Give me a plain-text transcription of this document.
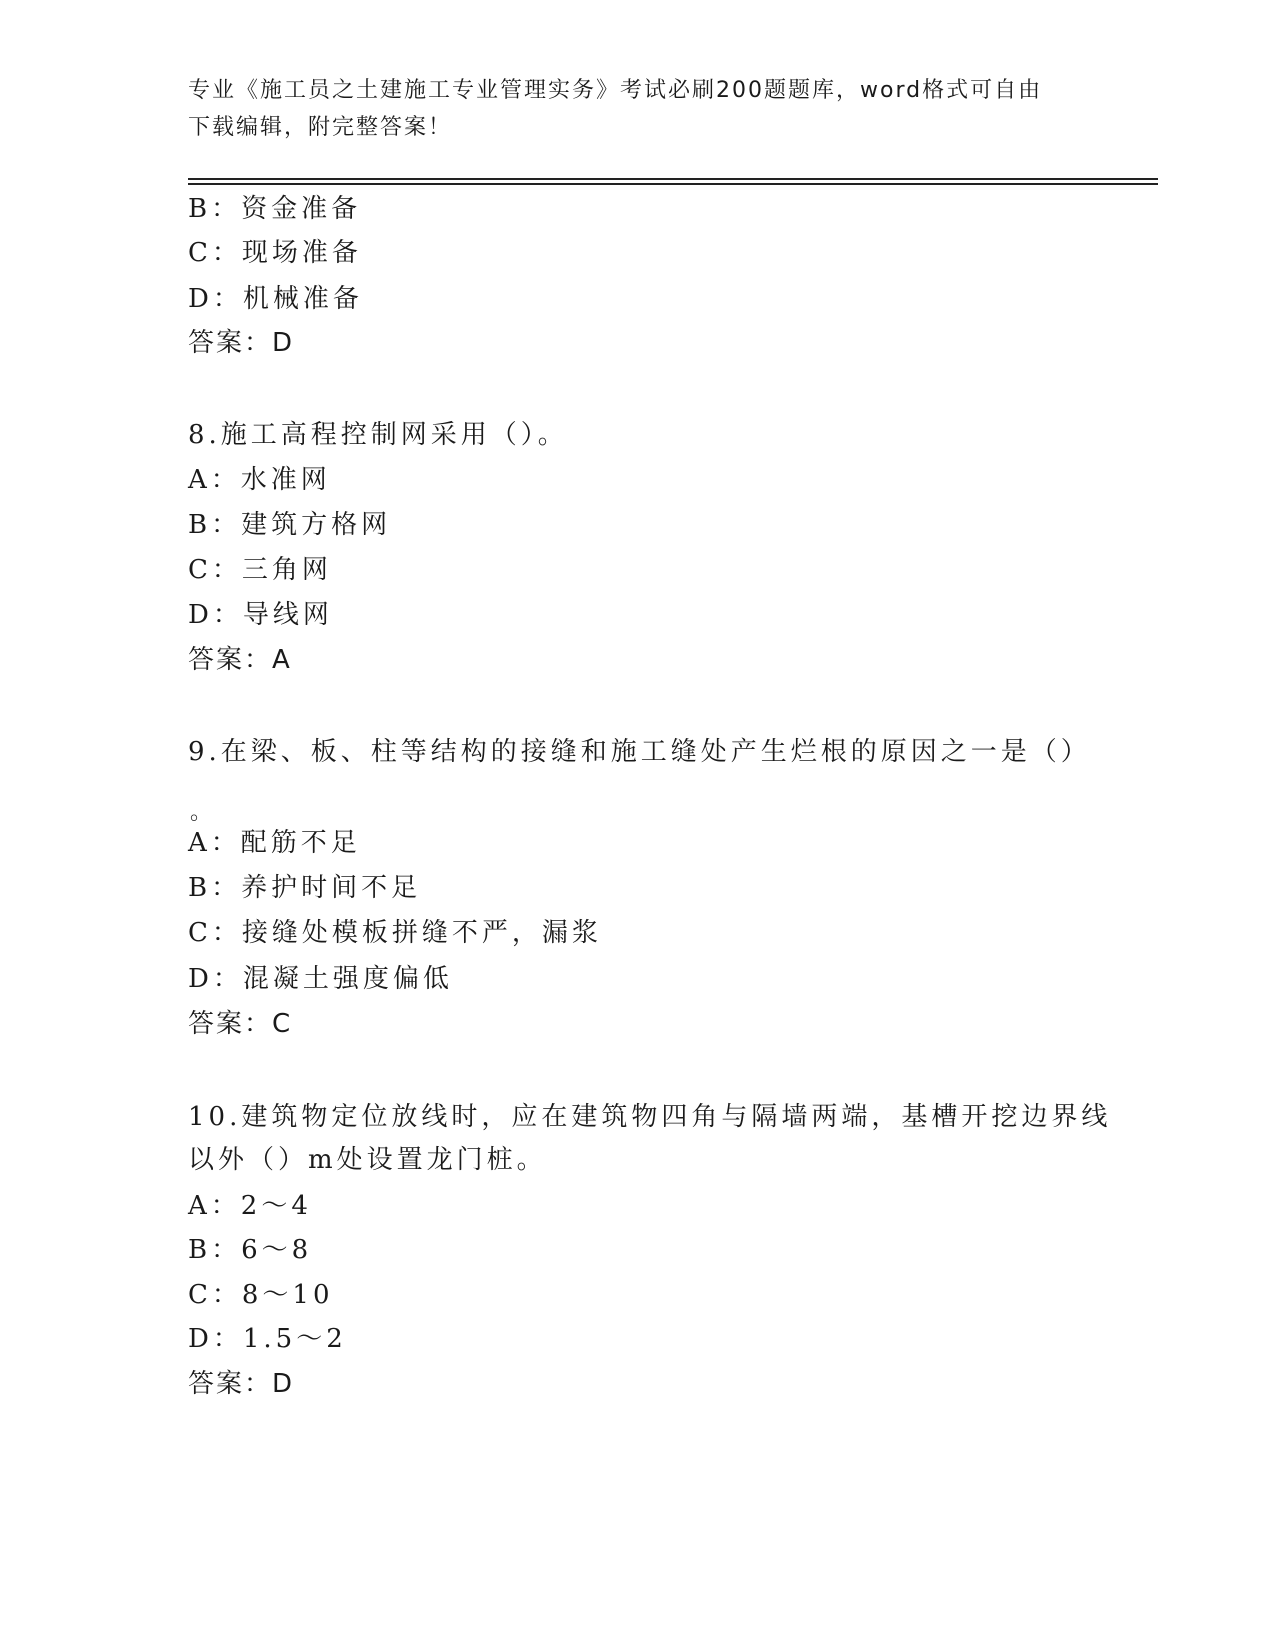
专业《施工员之土建施工专业管理实务》考试必刷200题题库，word格式可自由
下载编辑，附完整答案！
B：资金准备
C：现场准备
D：机械准备
答案：D
8.施工高程控制网采用（）。
A：水准网
B：建筑方格网
C：三角网
D：导线网
答案：A
9.在梁、板、柱等结构的接缝和施工缝处产生烂根的原因之一是（）
。
A：配筋不足
B：养护时间不足
C：接缝处模板拼缝不严，漏浆
D：混凝土强度偏低
答案：C
10.建筑物定位放线时，应在建筑物四角与隔墙两端，基槽开挖边界线
以外（）m处设置龙门桩。
A：2～4
B：6～8
C：8～10
D：1.5～2
答案：D
